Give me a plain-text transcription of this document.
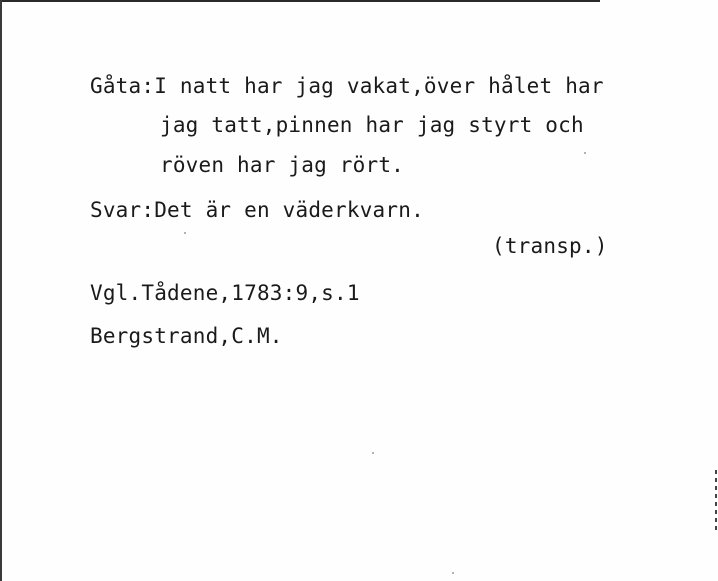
Gåta:I natt har jag vakat,över hålet har
jag tatt,pinnen har jag styrt och
röven har jag rört.
Svar:Det är en väderkvarn.
(transp.)
Vgl.Tådene,1783:9,s.1
Bergstrand,C.M.
